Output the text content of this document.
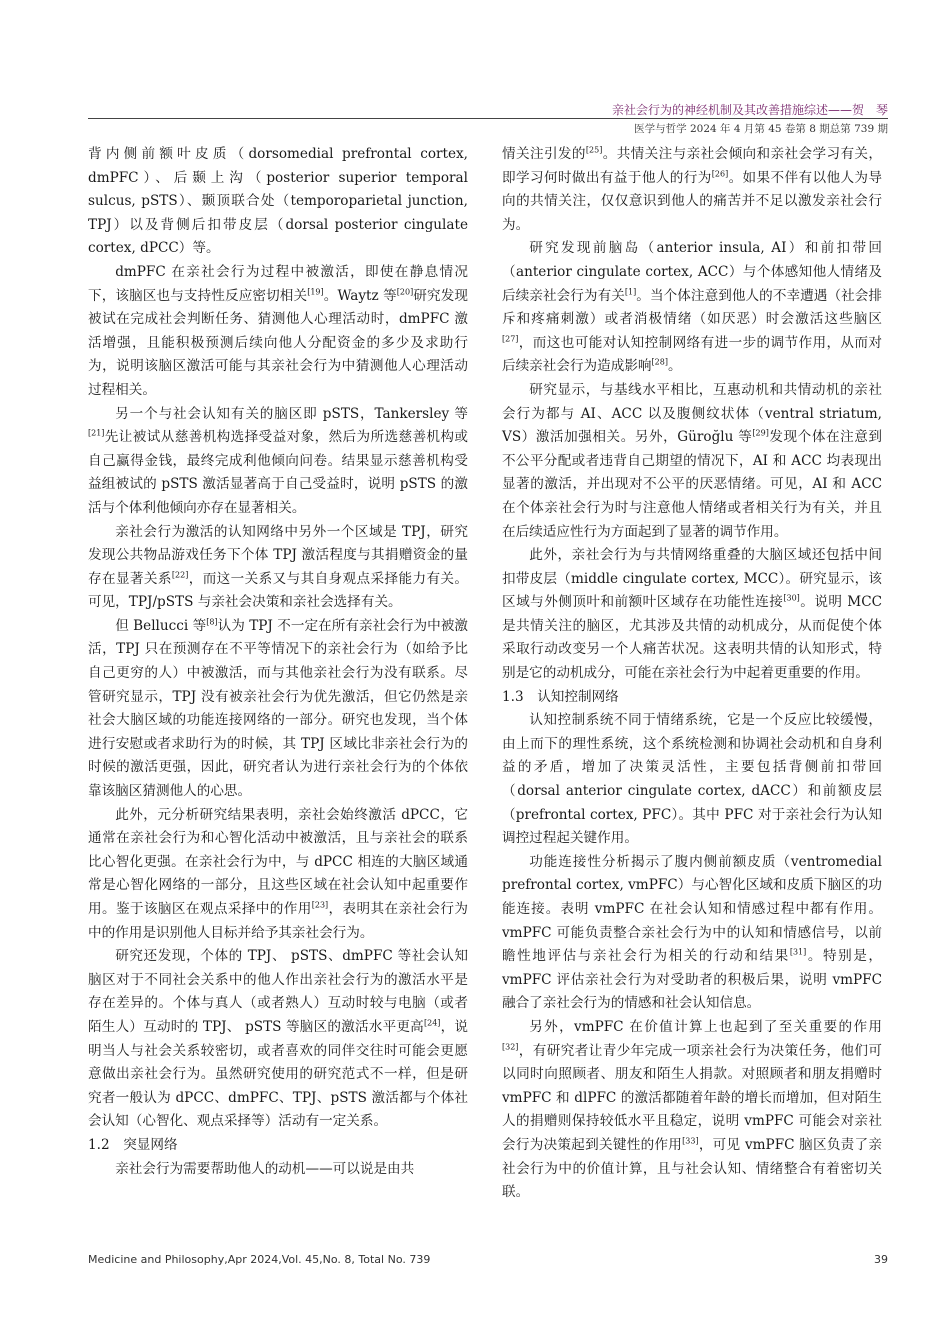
亲社会行为的神经机制及其改善措施综述——贺　琴
医学与哲学 2024 年 4 月第 45 卷第 8 期总第 739 期

背内侧前额叶皮质（dorsomedial prefrontal cortex, dmPFC）、后颞上沟（posterior superior temporal sulcus, pSTS）、颞顶联合处（temporoparietal junction, TPJ）以及背侧后扣带皮层（dorsal posterior cingulate cortex, dPCC）等。

dmPFC 在亲社会行为过程中被激活，即使在静息情况下，该脑区也与支持性反应密切相关[19]。Waytz 等[20]研究发现被试在完成社会判断任务、猜测他人心理活动时，dmPFC 激活增强，且能积极预测后续向他人分配资金的多少及求助行为，说明该脑区激活可能与其亲社会行为中猜测他人心理活动过程相关。

另一个与社会认知有关的脑区即 pSTS，Tankersley 等[21]先让被试从慈善机构选择受益对象，然后为所选慈善机构或自己赢得金钱，最终完成利他倾向问卷。结果显示慈善机构受益组被试的 pSTS 激活显著高于自己受益时，说明 pSTS 的激活与个体利他倾向亦存在显著相关。

亲社会行为激活的认知网络中另外一个区域是 TPJ，研究发现公共物品游戏任务下个体 TPJ 激活程度与其捐赠资金的量存在显著关系[22]，而这一关系又与其自身观点采择能力有关。可见，TPJ/pSTS 与亲社会决策和亲社会选择有关。

但 Bellucci 等[8]认为 TPJ 不一定在所有亲社会行为中被激活，TPJ 只在预测存在不平等情况下的亲社会行为（如给予比自己更穷的人）中被激活，而与其他亲社会行为没有联系。尽管研究显示，TPJ 没有被亲社会行为优先激活，但它仍然是亲社会大脑区域的功能连接网络的一部分。研究也发现，当个体进行安慰或者求助行为的时候，其 TPJ 区域比非亲社会行为的时候的激活更强，因此，研究者认为进行亲社会行为的个体依靠该脑区猜测他人的心思。

此外，元分析研究结果表明，亲社会始终激活 dPCC，它通常在亲社会行为和心智化活动中被激活，且与亲社会的联系比心智化更强。在亲社会行为中，与 dPCC 相连的大脑区域通常是心智化网络的一部分，且这些区域在社会认知中起重要作用。鉴于该脑区在观点采择中的作用[23]，表明其在亲社会行为中的作用是识别他人目标并给予其亲社会行为。

研究还发现，个体的 TPJ、 pSTS、dmPFC 等社会认知脑区对于不同社会关系中的他人作出亲社会行为的激活水平是存在差异的。个体与真人（或者熟人）互动时较与电脑（或者陌生人）互动时的 TPJ、 pSTS 等脑区的激活水平更高[24]，说明当人与社会关系较密切，或者喜欢的同伴交往时可能会更愿意做出亲社会行为。虽然研究使用的研究范式不一样，但是研究者一般认为 dPCC、dmPFC、TPJ、pSTS 激活都与个体社会认知（心智化、观点采择等）活动有一定关系。

1.2　突显网络

亲社会行为需要帮助他人的动机——可以说是由共

情关注引发的[25]。共情关注与亲社会倾向和亲社会学习有关，即学习何时做出有益于他人的行为[26]。如果不伴有以他人为导向的共情关注，仅仅意识到他人的痛苦并不足以激发亲社会行为。

研究发现前脑岛（anterior insula, AI）和前扣带回（anterior cingulate cortex, ACC）与个体感知他人情绪及后续亲社会行为有关[1]。当个体注意到他人的不幸遭遇（社会排斥和疼痛刺激）或者消极情绪（如厌恶）时会激活这些脑区[27]，而这也可能对认知控制网络有进一步的调节作用，从而对后续亲社会行为造成影响[28]。

研究显示，与基线水平相比，互惠动机和共情动机的亲社会行为都与 AI、ACC 以及腹侧纹状体（ventral striatum, VS）激活加强相关。另外，Güroğlu 等[29]发现个体在注意到不公平分配或者违背自己期望的情况下，AI 和 ACC 均表现出显著的激活，并出现对不公平的厌恶情绪。可见，AI 和 ACC 在个体亲社会行为时与注意他人情绪或者相关行为有关，并且在后续适应性行为方面起到了显著的调节作用。

此外，亲社会行为与共情网络重叠的大脑区域还包括中间扣带皮层（middle cingulate cortex, MCC）。研究显示，该区域与外侧顶叶和前额叶区域存在功能性连接[30]。说明 MCC 是共情关注的脑区，尤其涉及共情的动机成分，从而促使个体采取行动改变另一个人痛苦状况。这表明共情的认知形式，特别是它的动机成分，可能在亲社会行为中起着更重要的作用。

1.3　认知控制网络

认知控制系统不同于情绪系统，它是一个反应比较缓慢，由上而下的理性系统，这个系统检测和协调社会动机和自身利益的矛盾，增加了决策灵活性，主要包括背侧前扣带回（dorsal anterior cingulate cortex, dACC）和前额皮层（prefrontal cortex, PFC）。其中 PFC 对于亲社会行为认知调控过程起关键作用。

功能连接性分析揭示了腹内侧前额皮质（ventromedial prefrontal cortex, vmPFC）与心智化区域和皮质下脑区的功能连接。表明 vmPFC 在社会认知和情感过程中都有作用。vmPFC 可能负责整合亲社会行为中的认知和情感信号，以前瞻性地评估与亲社会行为相关的行动和结果[31]。特别是，vmPFC 评估亲社会行为对受助者的积极后果，说明 vmPFC 融合了亲社会行为的情感和社会认知信息。

另外，vmPFC 在价值计算上也起到了至关重要的作用[32]，有研究者让青少年完成一项亲社会行为决策任务，他们可以同时向照顾者、朋友和陌生人捐款。对照顾者和朋友捐赠时 vmPFC 和 dlPFC 的激活都随着年龄的增长而增加，但对陌生人的捐赠则保持较低水平且稳定，说明 vmPFC 可能会对亲社会行为决策起到关键性的作用[33]，可见 vmPFC 脑区负责了亲社会行为中的价值计算，且与社会认知、情绪整合有着密切关联。

Medicine and Philosophy,Apr 2024,Vol. 45,No. 8, Total No. 739	39
